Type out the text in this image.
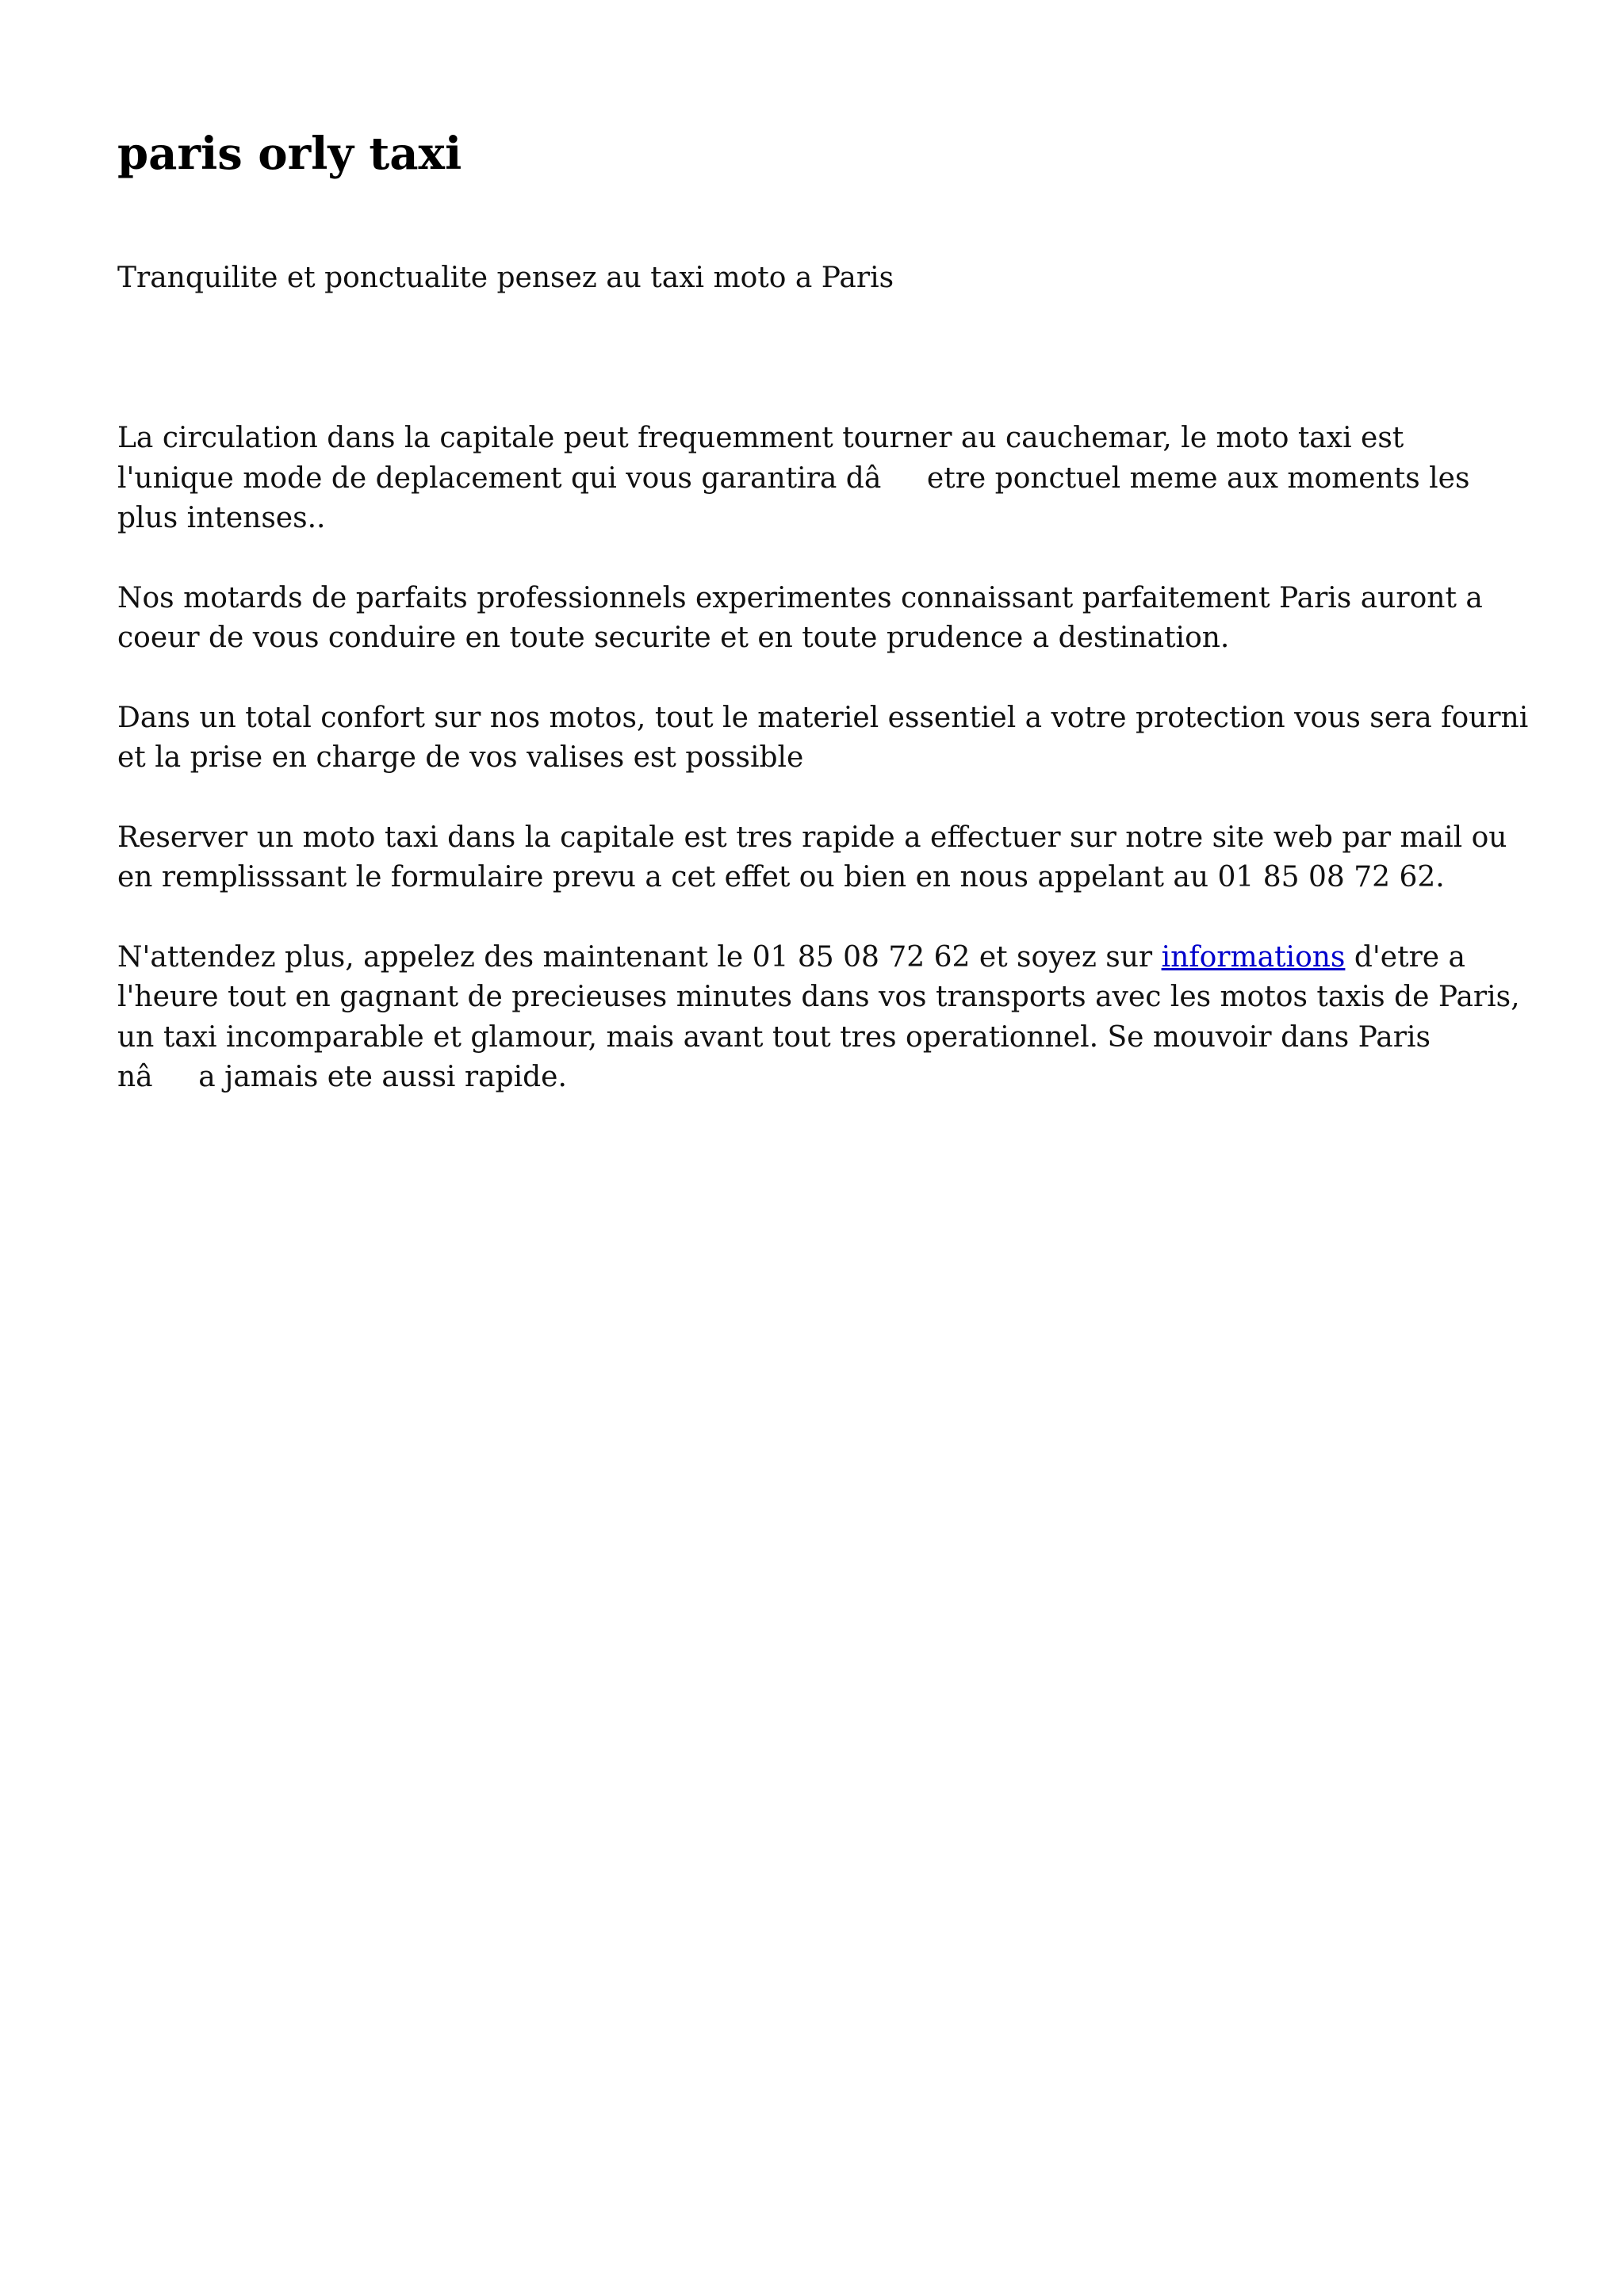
paris orly taxi

Tranquilite et ponctualite pensez au taxi moto a Paris

La circulation dans la capitale peut frequemment tourner au cauchemar, le moto taxi est l'unique mode de deplacement qui vous garantira dâetre ponctuel meme aux moments les plus intenses..

Nos motards de parfaits professionnels experimentes connaissant parfaitement Paris auront a coeur de vous conduire en toute securite et en toute prudence a destination.

Dans un total confort sur nos motos, tout le materiel essentiel a votre protection vous sera fourni et la prise en charge de vos valises est possible

Reserver un moto taxi dans la capitale est tres rapide a effectuer sur notre site web par mail ou en remplisssant le formulaire prevu a cet effet ou bien en nous appelant au 01 85 08 72 62.

N'attendez plus, appelez des maintenant le 01 85 08 72 62 et soyez sur informations d'etre a l'heure tout en gagnant de precieuses minutes dans vos transports avec les motos taxis de Paris, un taxi incomparable et glamour, mais avant tout tres operationnel. Se mouvoir dans Paris nâa jamais ete aussi rapide.
